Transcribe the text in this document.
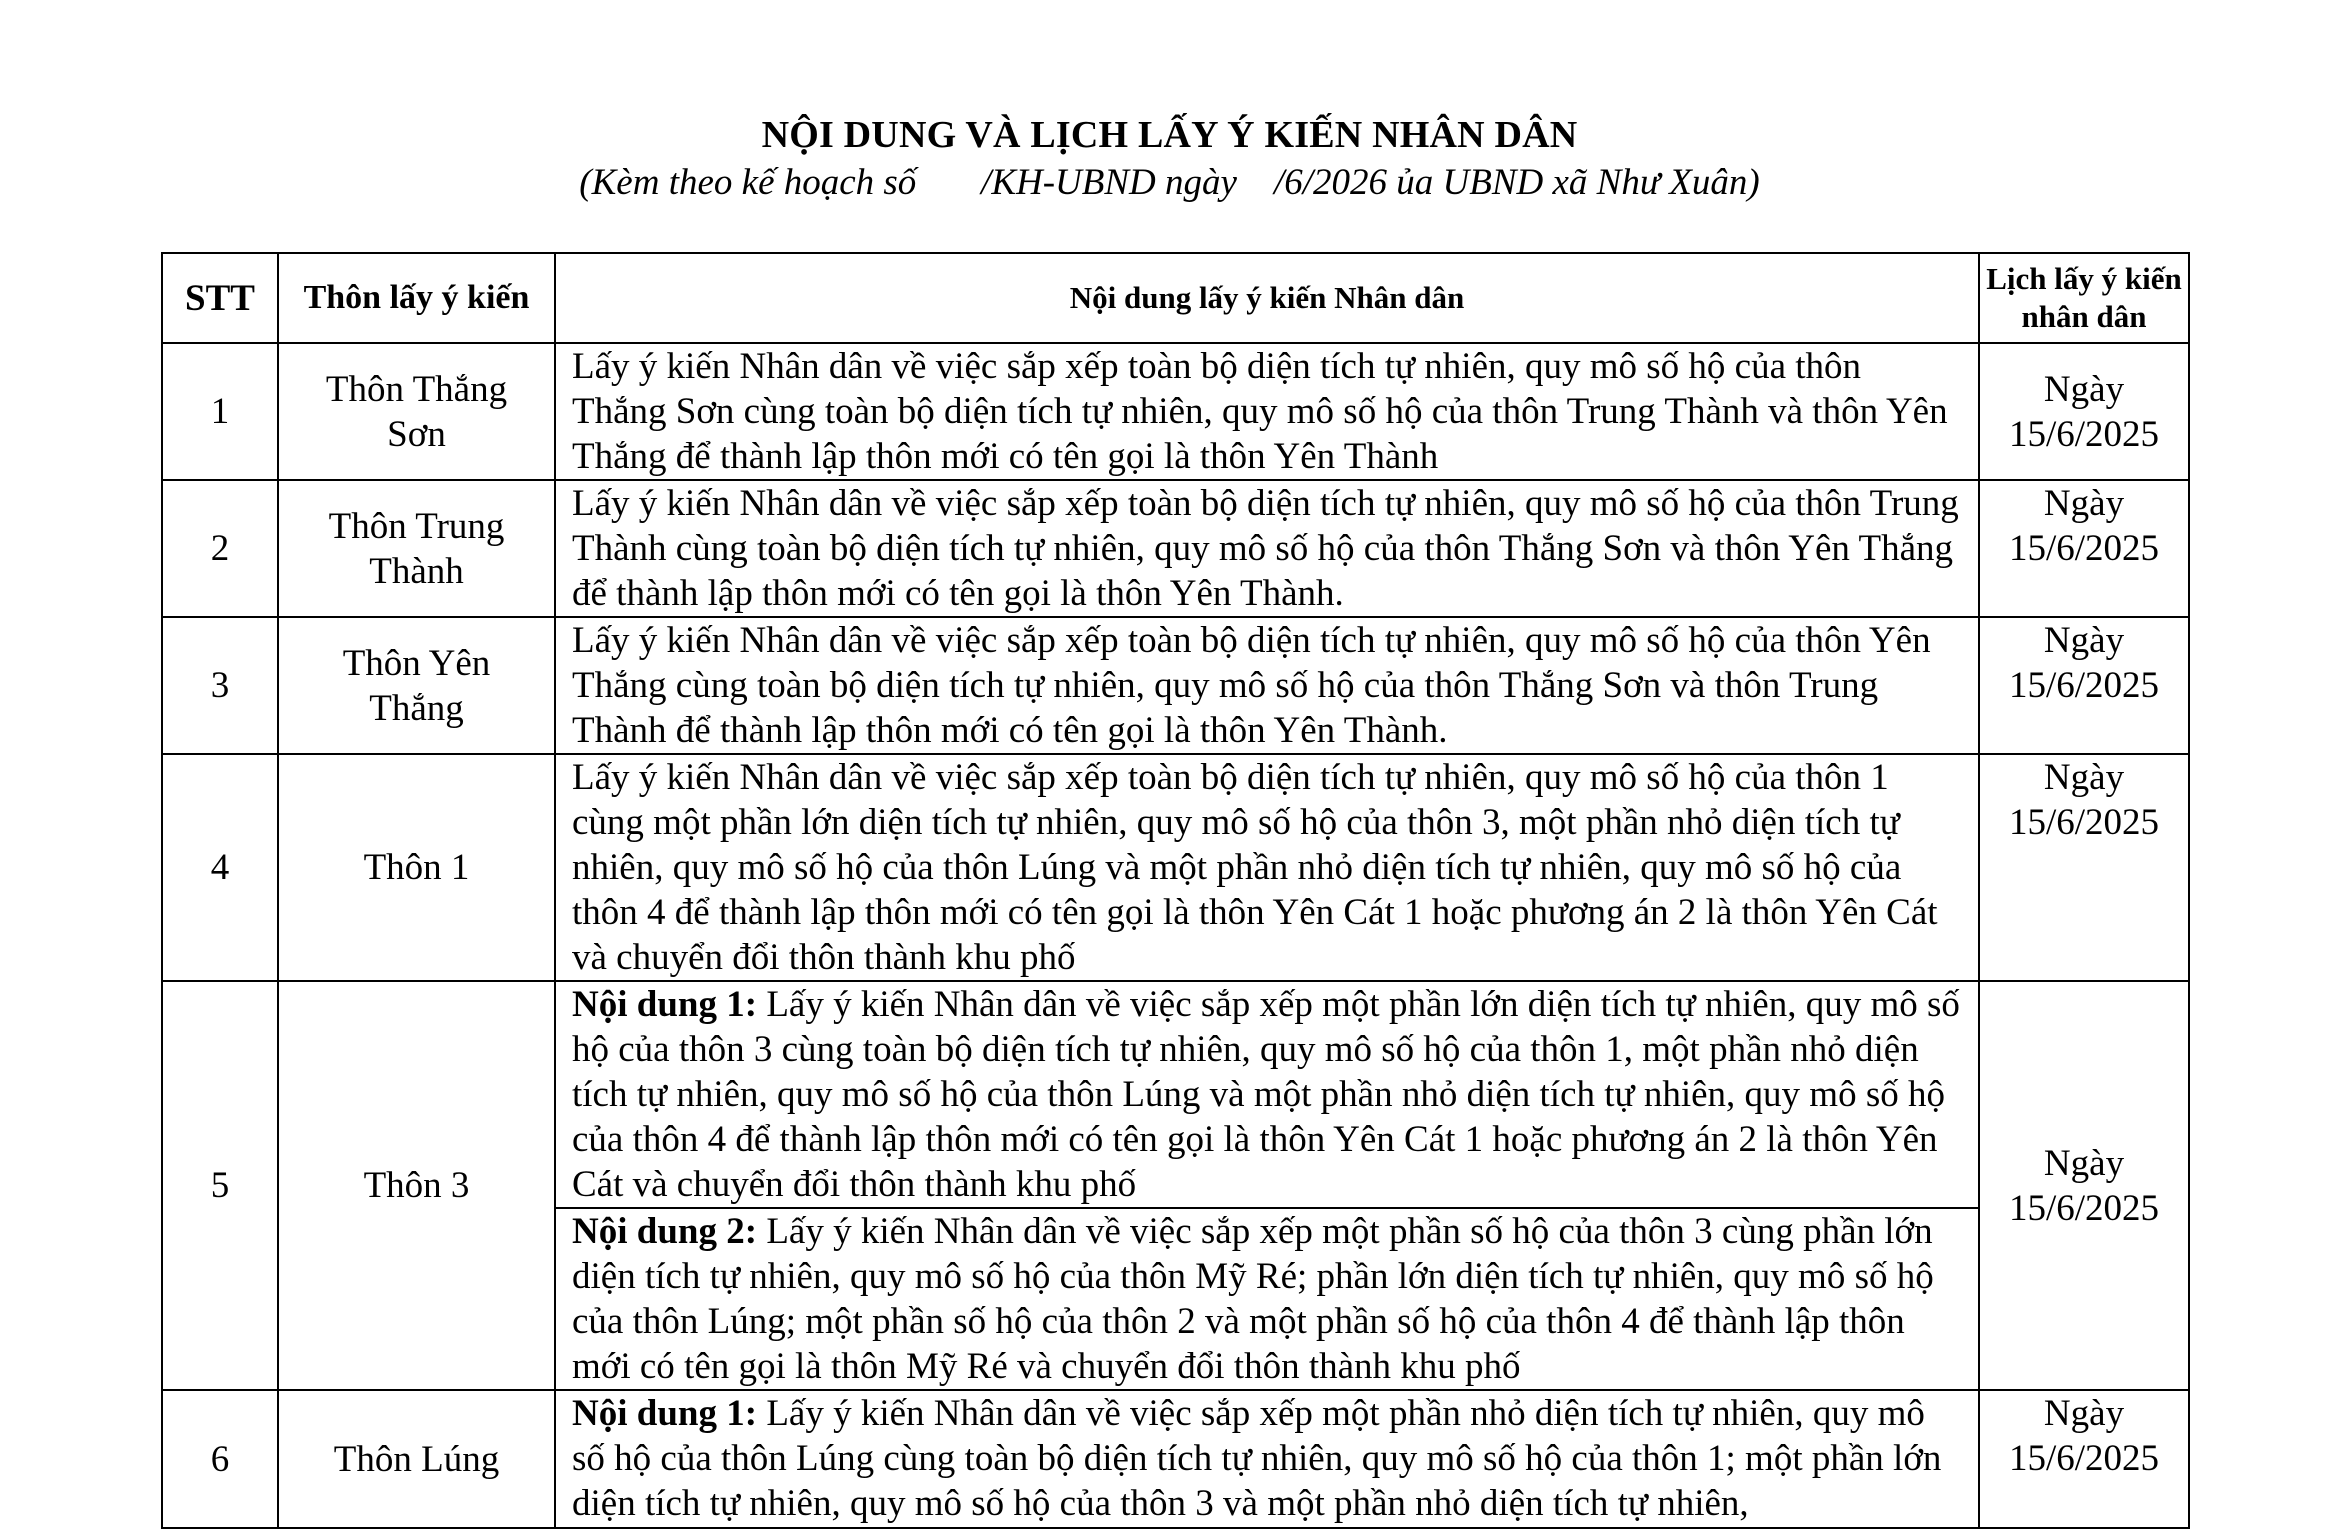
NỘI DUNG VÀ LỊCH LẤY Ý KIẾN NHÂN DÂN
(Kèm theo kế hoạch số       /KH-UBND ngày    /6/2026 ủa UBND xã Như Xuân)
STT	Thôn lấy ý kiến	Nội dung lấy ý kiến Nhân dân	Lịch lấy ý kiến nhân dân
1	Thôn Thắng Sơn	Lấy ý kiến Nhân dân về việc sắp xếp toàn bộ diện tích tự nhiên, quy mô số hộ của thôn Thắng Sơn cùng toàn bộ diện tích tự nhiên, quy mô số hộ của thôn Trung Thành và thôn Yên Thắng để thành lập thôn mới có tên gọi là thôn Yên Thành	Ngày 15/6/2025
2	Thôn Trung Thành	Lấy ý kiến Nhân dân về việc sắp xếp toàn bộ diện tích tự nhiên, quy mô số hộ của thôn Trung Thành cùng toàn bộ diện tích tự nhiên, quy mô số hộ của thôn Thắng Sơn và thôn Yên Thắng để thành lập thôn mới có tên gọi là thôn Yên Thành.	Ngày 15/6/2025
3	Thôn Yên Thắng	Lấy ý kiến Nhân dân về việc sắp xếp toàn bộ diện tích tự nhiên, quy mô số hộ của thôn Yên Thắng cùng toàn bộ diện tích tự nhiên, quy mô số hộ của thôn Thắng Sơn và thôn Trung Thành để thành lập thôn mới có tên gọi là thôn Yên Thành.	Ngày 15/6/2025
4	Thôn 1	Lấy ý kiến Nhân dân về việc sắp xếp toàn bộ diện tích tự nhiên, quy mô số hộ của thôn 1 cùng một phần lớn diện tích tự nhiên, quy mô số hộ của thôn 3, một phần nhỏ diện tích tự nhiên, quy mô số hộ của thôn Lúng và một phần nhỏ diện tích tự nhiên, quy mô số hộ của thôn 4 để thành lập thôn mới có tên gọi là thôn Yên Cát 1 hoặc phương án 2 là thôn Yên Cát và chuyển đổi thôn thành khu phố	Ngày 15/6/2025
5	Thôn 3	Nội dung 1: Lấy ý kiến Nhân dân về việc sắp xếp một phần lớn diện tích tự nhiên, quy mô số hộ của thôn 3 cùng toàn bộ diện tích tự nhiên, quy mô số hộ của thôn 1, một phần nhỏ diện tích tự nhiên, quy mô số hộ của thôn Lúng và một phần nhỏ diện tích tự nhiên, quy mô số hộ của thôn 4 để thành lập thôn mới có tên gọi là thôn Yên Cát 1 hoặc phương án 2 là thôn Yên Cát và chuyển đổi thôn thành khu phố	Ngày 15/6/2025
		Nội dung 2: Lấy ý kiến Nhân dân về việc sắp xếp một phần số hộ của thôn 3 cùng phần lớn diện tích tự nhiên, quy mô số hộ của thôn Mỹ Ré; phần lớn diện tích tự nhiên, quy mô số hộ của thôn Lúng; một phần số hộ của thôn 2 và một phần số hộ của thôn 4 để thành lập thôn mới có tên gọi là thôn Mỹ Ré và chuyển đổi thôn thành khu phố	
6	Thôn Lúng	Nội dung 1: Lấy ý kiến Nhân dân về việc sắp xếp một phần nhỏ diện tích tự nhiên, quy mô số hộ của thôn Lúng cùng toàn bộ diện tích tự nhiên, quy mô số hộ của thôn 1; một phần lớn diện tích tự nhiên, quy mô số hộ của thôn 3 và một phần nhỏ diện tích tự nhiên,	Ngày 15/6/2025
